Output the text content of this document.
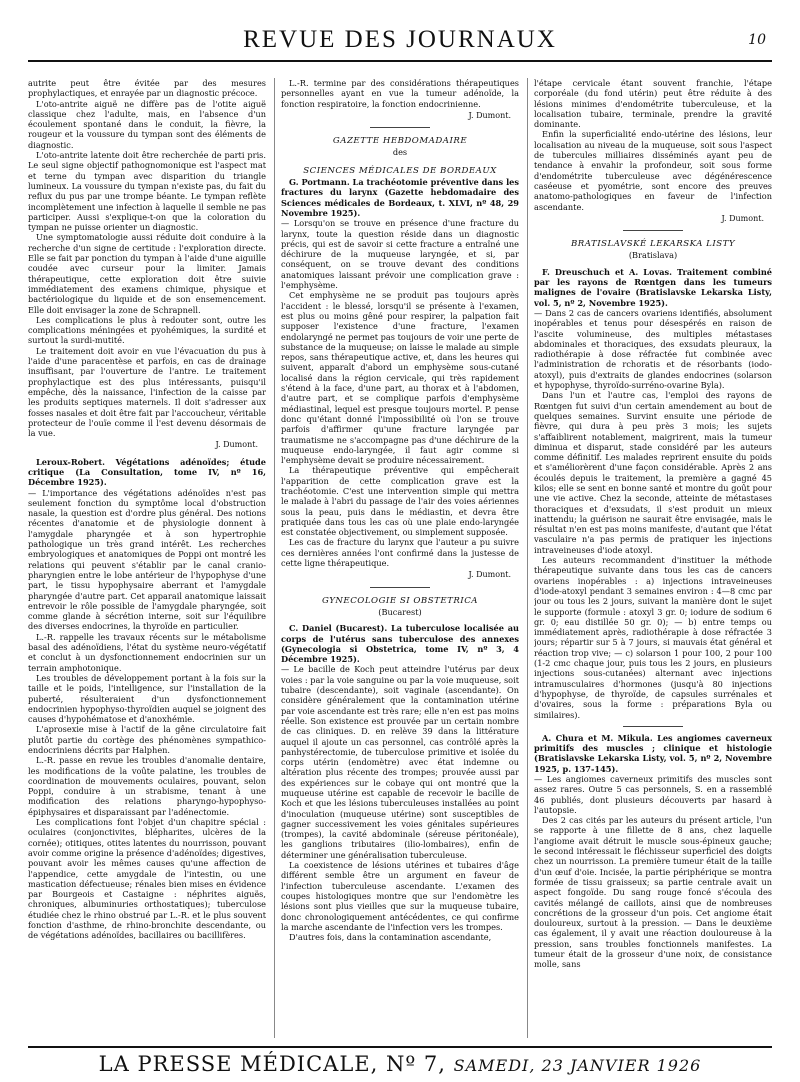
REVUE DES JOURNAUX	10

autrite peut être évitée par des mesures prophylactiques, et enrayée par un diagnostic précoce.

L'oto-antrite aiguë ne diffère pas de l'otite aiguë classique chez l'adulte, mais, en l'absence d'un écoulement spontané dans le conduit, la fièvre, la rougeur et la voussure du tympan sont des éléments de diagnostic.

L'oto-antrite latente doit être recherchée de parti pris. Le seul signe objectif pathognomonique est l'aspect mat et terne du tympan avec disparition du triangle lumineux. La voussure du tympan n'existe pas, du fait du reflux du pus par une trompe béante. Le tympan reflète incomplètement une infection à laquelle il semble ne pas participer. Aussi s'explique-t-on que la coloration du tympan ne puisse orienter un diagnostic.

Une symptomatologie aussi réduite doit conduire à la recherche d'un signe de certitude : l'exploration directe. Elle se fait par ponction du tympan à l'aide d'une aiguille coudée avec curseur pour la limiter. Jamais thérapeutique, cette exploration doit être suivie immédiatement des examens chimique, physique et bactériologique du liquide et de son ensemencement. Elle doit envisager la zone de Schrapnell.

Les complications le plus à redouter sont, outre les complications méningées et pyohémiques, la surdité et surtout la surdi-mutité.

Le traitement doit avoir en vue l'évacuation du pus à l'aide d'une paracentèse et parfois, en cas de drainage insuffisant, par l'ouverture de l'antre. Le traitement prophylactique est des plus intéressants, puisqu'il empêche, dès la naissance, l'infection de la caisse par les produits septiques maternels. Il doit s'adresser aux fosses nasales et doit être fait par l'accoucheur, véritable protecteur de l'ouïe comme il l'est devenu désormais de la vue.

J. Dumont.

Leroux-Robert. Végétations adénoïdes; étude critique (La Consultation, tome IV, nº 16, Décembre 1925).

— L'importance des végétations adénoïdes n'est pas seulement fonction du symptôme local d'obstruction nasale, la question est d'ordre plus général. Des notions récentes d'anatomie et de physiologie donnent à l'amygdale pharyngée et à son hypertrophie pathologique un très grand intérêt. Les recherches embryologiques et anatomiques de Poppi ont montré les relations qui peuvent s'établir par le canal cranio-pharyngien entre le lobe antérieur de l'hypophyse d'une part, le tissu hypophysaire aberrant et l'amygdale pharyngée d'autre part. Cet apparail anatomique laissait entrevoir le rôle possible de l'amygdale pharyngée, soit comme glande à sécrétion interne, soit sur l'équilibre des diverses endocrines, la thyroïde en particulier.

L.-R. rappelle les travaux récents sur le métabolisme basal des adénoïdiens, l'état du système neuro-végétatif et conclut à un dysfonctionnement endocrinien sur un terrain amphotonique.

Les troubles de développement portant à la fois sur la taille et le poids, l'intelligence, sur l'installation de la puberté, résulteraient d'un dysfonctionnement endocrinien hypophyso-thyroïdien auquel se joignent des causes d'hypohématose et d'anoxhémie.

L'aprosexie mise à l'actif de la gêne circulatoire fait plutôt partie du cortège des phénomènes sympathico-endocriniens décrits par Halphen.

L.-R. passe en revue les troubles d'anomalie dentaire, les modifications de la voûte palatine, les troubles de coordination de mouvements oculaires, pouvant, selon Poppi, conduire à un strabisme, tenant à une modification des relations pharyngo-hypophyso-épiphysaires et disparaissant par l'adénectomie.

Les complications font l'objet d'un chapitre spécial : oculaires (conjonctivites, blépharites, ulcères de la cornée); otitiques, otites latentes du nourrisson, pouvant avoir comme origine la présence d'adénoïdes; digestives, pouvant avoir les mêmes causes qu'une affection de l'appendice, cette amygdale de l'intestin, ou une mastication défectueuse; rénales bien mises en évidence par Bourgeois et Castaigne : néphrites aiguës, chroniques, albuminuries orthostatiques); tuberculose étudiée chez le rhino obstrué par L.-R. et le plus souvent fonction d'asthme, de rhino-bronchite descendante, ou de végétations adénoïdes, bacillaires ou bacillifères.

L.-R. termine par des considérations thérapeutiques personnelles ayant en vue la tumeur adénoïde, la fonction respiratoire, la fonction endocrinienne.

J. Dumont.

GAZETTE HEBDOMADAIRE

des

SCIENCES MÉDICALES DE BORDEAUX

G. Portmann. La trachéotomie préventive dans les fractures du larynx (Gazette hebdomadaire des Sciences médicales de Bordeaux, t. XLVI, nº 48, 29 Novembre 1925).

— Lorsqu'on se trouve en présence d'une fracture du larynx, toute la question réside dans un diagnostic précis, qui est de savoir si cette fracture a entraîné une déchirure de la muqueuse laryngée, et si, par conséquent, on se trouve devant des conditions anatomiques laissant prévoir une complication grave : l'emphysème.

Cet emphysème ne se produit pas toujours après l'accident : le blessé, lorsqu'il se présente à l'examen, est plus ou moins gêné pour respirer, la palpation fait supposer l'existence d'une fracture, l'examen endolaryngé ne permet pas toujours de voir une perte de substance de la muqueuse; on laisse le malade au simple repos, sans thérapeutique active, et, dans les heures qui suivent, apparaît d'abord un emphysème sous-cutané localisé dans la région cervicale, qui très rapidement s'étend à la face, d'une part, au thorax et à l'abdomen, d'autre part, et se complique parfois d'emphysème médiastinal, lequel est presque toujours mortel. P. pense donc qu'étant donné l'impossibilité où l'on se trouve parfois d'affirmer qu'une fracture laryngée par traumatisme ne s'accompagne pas d'une déchirure de la muqueuse endo-laryngée, il faut agir comme si l'emphysème devait se produire nécessairement.

La thérapeutique préventive qui empêcherait l'apparition de cette complication grave est la trachéotomie. C'est une intervention simple qui mettra le malade à l'abri du passage de l'air des voies aériennes sous la peau, puis dans le médiastin, et devra être pratiquée dans tous les cas où une plaie endo-laryngée est constatée objectivement, ou simplement supposée.

Les cas de fracture du larynx que l'auteur a pu suivre ces dernières années l'ont confirmé dans la justesse de cette ligne thérapeutique.

J. Dumont.

GYNECOLOGIE SI OBSTETRICA

(Bucarest)

C. Daniel (Bucarest). La tuberculose localisée au corps de l'utérus sans tuberculose des annexes (Gynecologia si Obstetrica, tome IV, nº 3, 4 Décembre 1925).

— Le bacille de Koch peut atteindre l'utérus par deux voies : par la voie sanguine ou par la voie muqueuse, soit tubaire (descendante), soit vaginale (ascendante). On considère généralement que la contamination utérine par voie ascendante est très rare; elle n'en est pas moins réelle. Son existence est prouvée par un certain nombre de cas cliniques. D. en relève 39 dans la littérature auquel il ajoute un cas personnel, cas contrôlé après la panhystérectomie, de tuberculose primitive et isolée du corps utérin (endomètre) avec état indemne ou altération plus récente des trompes; prouvée aussi par des expériences sur le cobaye qui ont montré que la muqueuse utérine est capable de recevoir le bacille de Koch et que les lésions tuberculeuses installées au point d'inoculation (muqueuse utérine) sont susceptibles de gagner successivement les voies génitales supérieures (trompes), la cavité abdominale (séreuse péritonéale), les ganglions tributaires (ilio-lombaires), enfin de déterminer une généralisation tuberculeuse.

La coexistence de lésions utérines et tubaires d'âge différent semble être un argument en faveur de l'infection tuberculeuse ascendante. L'examen des coupes histologiques montre que sur l'endomètre les lésions sont plus vieilles que sur la muqueuse tubaire, donc chronologiquement antécédentes, ce qui confirme la marche ascendante de l'infection vers les trompes.

D'autres fois, dans la contamination ascendante,

l'étape cervicale étant souvent franchie, l'étape corporéale (du fond utérin) peut être réduite à des lésions minimes d'endométrite tuberculeuse, et la localisation tubaire, terminale, prendre la gravité dominante.

Enfin la superficialité endo-utérine des lésions, leur localisation au niveau de la muqueuse, soit sous l'aspect de tubercules milliaires disséminés ayant peu de tendance à envahir la profondeur, soit sous forme d'endométrite tuberculeuse avec dégénérescence caséeuse et pyométrie, sont encore des preuves anatomo-pathologiques en faveur de l'infection ascendante.

J. Dumont.

BRATISLAVSKÉ LEKARSKA LISTY

(Bratislava)

F. Dreuschuch et A. Lovas. Traitement combiné par les rayons de Rœntgen dans les tumeurs malignes de l'ovaire (Bratislavske Lekarska Listy, vol. 5, nº 2, Novembre 1925).

— Dans 2 cas de cancers ovariens identifiés, absolument inopérables et tenus pour désespérés en raison de l'ascite volumineuse, des multiples métastases abdominales et thoraciques, des exsudats pleuraux, la radiothérapie à dose réfractée fut combinée avec l'administration de rchoratis et de résorbants (iodo-atoxyl), puis d'extraits de glandes endocrines (solarson et hypophyse, thyroïdo-surréno-ovarine Byla).

Dans l'un et l'autre cas, l'emploi des rayons de Rœntgen fut suivi d'un certain amendement au bout de quelques semaines. Survint ensuite une période de fièvre, qui dura à peu près 3 mois; les sujets s'affaiblirent notablement, maigrirent, mais la tumeur diminua et disparut, stade considéré par les auteurs comme définitif. Les malades reprirent ensuite du poids et s'améliorèrent d'une façon considérable. Après 2 ans écoulés depuis le traitement, la première a gagné 45 kilos; elle se sent en bonne santé et montre du goût pour une vie active. Chez la seconde, atteinte de métastases thoraciques et d'exsudats, il s'est produit un mieux inattendu; la guérison ne saurait être envisagée, mais le résultat n'en est pas moins manifeste, d'autant que l'état vasculaire n'a pas permis de pratiquer les injections intraveineuses d'iode atoxyl.

Les auteurs recommandent d'instituer la méthode thérapeutique suivante dans tous les cas de cancers ovariens inopérables : a) injections intraveineuses d'iode-atoxyl pendant 3 semaines environ : 4—8 cmc par jour ou tous les 2 jours, suivant la manière dont le sujet le supporte (formule : atoxyl 3 gr. 0; iodure de sodium 6 gr. 0; eau distillée 50 gr. 0); — b) entre temps ou immédiatement après, radiothérapie à dose réfractée 3 jours; répartir sur 5 à 7 jours, si mauvais état général et réaction trop vive; — c) solarson 1 pour 100, 2 pour 100 (1-2 cmc chaque jour, puis tous les 2 jours, en plusieurs injections sous-cutanées) alternant avec injections intramusculaires d'hormones (jusqu'à 80 injections d'hypophyse, de thyroïde, de capsules surrénales et d'ovaires, sous la forme : préparations Byla ou similaires).

A. Chura et M. Mikula. Les angiomes caverneux primitifs des muscles ; clinique et histologie (Bratislavske Lekarska Listy, vol. 5, nº 2, Novembre 1925, p. 137-145).

— Les angiomes caverneux primitifs des muscles sont assez rares. Outre 5 cas personnels, S. en a rassemblé 46 publiés, dont plusieurs découverts par hasard à l'autopsie.

Des 2 cas cités par les auteurs du présent article, l'un se rapporte à une fillette de 8 ans, chez laquelle l'angiome avait détruit le muscle sous-épineux gauche; le second intéressait le fléchisseur superficiel des doigts chez un nourrisson. La première tumeur était de la taille d'un œuf d'oie. Incisée, la partie périphérique se montra formée de tissu graisseux; sa partie centrale avait un aspect fongoïde. Du sang rouge foncé s'écoula des cavités mélangé de caillots, ainsi que de nombreuses concrétions de la grosseur d'un pois. Cet angiome était douloureux, surtout à la pression. — Dans le deuxième cas également, il y avait une réaction douloureuse à la pression, sans troubles fonctionnels manifestes. La tumeur était de la grosseur d'une noix, de consistance molle, sans

LA PRESSE MÉDICALE, Nº 7, SAMEDI, 23 JANVIER 1926
